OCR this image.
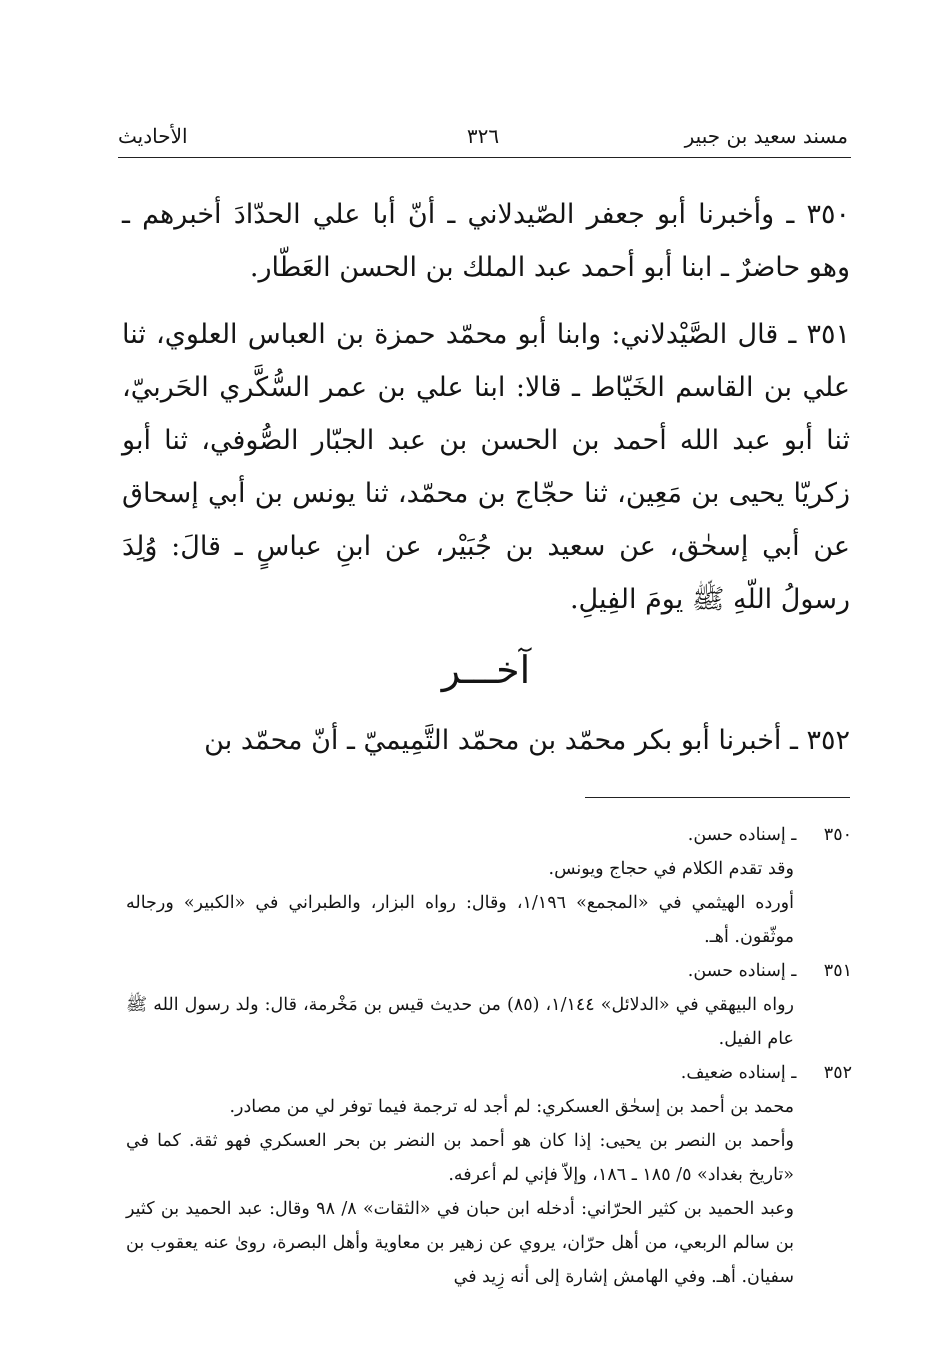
مسند سعيد بن جبير
٣٢٦
الأحاديث

٣٥٠ ـ وأخبرنا أبو جعفر الصّيدلاني ـ أنّ أبا علي الحدّادَ أخبرهم ـ وهو حاضرٌ ـ ابنا أبو أحمد عبد الملك بن الحسن العَطّار.

٣٥١ ـ قال الصَّيْدلاني: وابنا أبو محمّد حمزة بن العباس العلوي، ثنا علي بن القاسم الخَيّاط ـ قالا: ابنا علي بن عمر السُّكَّري الحَربيّ، ثنا أبو عبد الله أحمد بن الحسن بن عبد الجبّار الصُّوفي، ثنا أبو زكريّا يحيى بن مَعِين، ثنا حجّاج بن محمّد، ثنا يونس بن أبي إسحاق عن أبي إسحٰق، عن سعيد بن جُبَيْر، عن ابنِ عباسٍ ـ قالَ: وُلِدَ رسولُ اللّهِ ﷺ يومَ الفِيلِ.

آخـــر

٣٥٢ ـ أخبرنا أبو بكر محمّد بن محمّد التَّمِيميّ ـ أنّ محمّد بن

٣٥٠ ـ إسناده حسن.
وقد تقدم الكلام في حجاج ويونس.
أورده الهيثمي في «المجمع» ١/١٩٦، وقال: رواه البزار، والطبراني في «الكبير» ورجاله موثّقون. أهـ.
٣٥١ ـ إسناده حسن.
رواه البيهقي في «الدلائل» ١/١٤٤، (٨٥) من حديث قيس بن مَخْرمة، قال: ولد رسول الله ﷺ عام الفيل.
٣٥٢ ـ إسناده ضعيف.
محمد بن أحمد بن إسحٰق العسكري: لم أجد له ترجمة فيما توفر لي من مصادر.
وأحمد بن النصر بن يحيى: إذا كان هو أحمد بن النضر بن بحر العسكري فهو ثقة. كما في «تاريخ بغداد» ٥/ ١٨٥ ـ ١٨٦، وإلاّ فإني لم أعرفه.
وعبد الحميد بن كثير الحرّاني: أدخله ابن حبان في «الثقات» ٨/ ٩٨ وقال: عبد الحميد بن كثير بن سالم الربعي، من أهل حرّان، يروي عن زهير بن معاوية وأهل البصرة، روىٰ عنه يعقوب بن سفيان. أهـ. وفي الهامش إشارة إلى أنه زِيد في
